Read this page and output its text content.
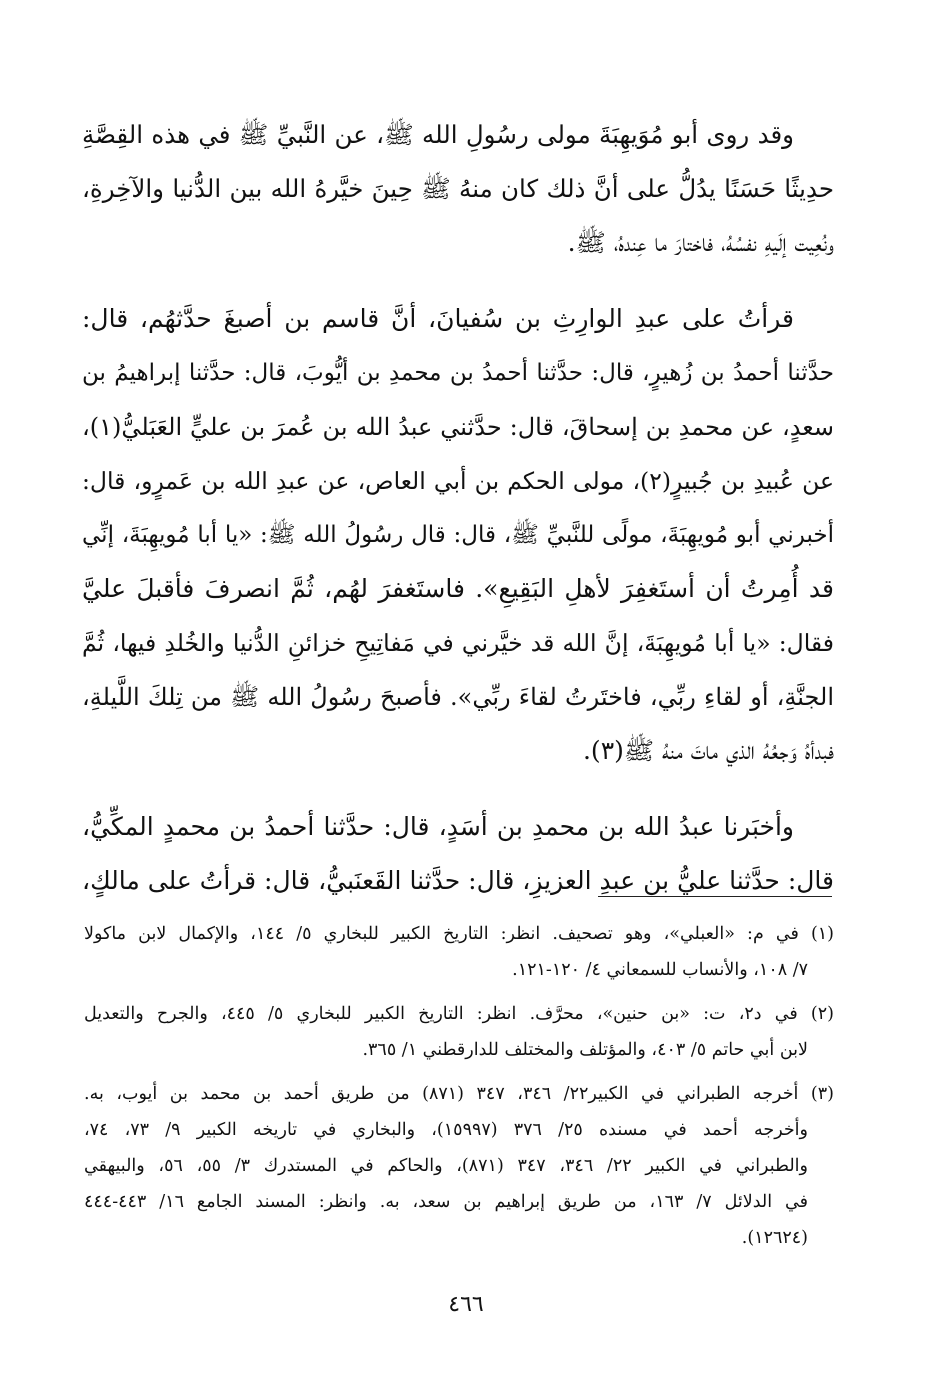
وقد روى أبو مُوَيهِبَةَ مولى رسُولِ الله ﷺ، عن النَّبيِّ ﷺ في هذه القِصَّةِ
حدِيثًا حَسَنًا يدُلُّ على أنَّ ذلك كان منهُ ﷺ حِينَ خيَّرهُ الله بين الدُّنيا والآخِرةِ،
ونُعِيت إلَيهِ نفسُهُ، فاختارَ ما عِندهُ، ﷺ.

قرأتُ على عبدِ الوارِثِ بن سُفيانَ، أنَّ قاسم بن أصبغَ حدَّثهُم، قال:
حدَّثنا أحمدُ بن زُهيرٍ، قال: حدَّثنا أحمدُ بن محمدِ بن أيُّوبَ، قال: حدَّثنا إبراهيمُ بن
سعدٍ، عن محمدِ بن إسحاقَ، قال: حدَّثني عبدُ الله بن عُمرَ بن عليٍّ العَبَليُّ(١)،
عن عُبيدِ بن جُبيرٍ(٢)، مولى الحكم بن أبي العاص، عن عبدِ الله بن عَمرٍو، قال:
أخبرني أبو مُويهِبَةَ، مولًى للنَّبيِّ ﷺ، قال: قال رسُولُ الله ﷺ: «يا أبا مُويهِبَةَ، إنِّي
قد أُمِرتُ أن أستَغفِرَ لأهلِ البَقِيعِ». فاستَغفرَ لهُم، ثُمَّ انصرفَ فأقبلَ عليَّ
فقال: «يا أبا مُويهِبَةَ، إنَّ الله قد خيَّرني في مَفاتِيحِ خزائنِ الدُّنيا والخُلدِ فيها، ثُمَّ
الجنَّةِ، أو لقاءِ ربِّي، فاختَرتُ لقاءَ ربِّي». فأصبحَ رسُولُ الله ﷺ من تِلكَ اللَّيلةِ،
فبدأهُ وَجعُهُ الذي ماتَ منهُ ﷺ(٣).

وأخبَرنا عبدُ الله بن محمدِ بن أسَدٍ، قال: حدَّثنا أحمدُ بن محمدٍ المكِّيُّ،
قال: حدَّثنا عليُّ بن عبدِ العزيزِ، قال: حدَّثنا القَعنَبيُّ، قال: قرأتُ على مالكٍ،

(١) في م: «العبلي»، وهو تصحيف. انظر: التاريخ الكبير للبخاري ٥/ ١٤٤، والإكمال لابن ماكولا
٧/ ١٠٨، والأنساب للسمعاني ٤/ ١٢٠-١٢١.

(٢) في د٢، ت: «بن حنين»، محرَّف. انظر: التاريخ الكبير للبخاري ٥/ ٤٤٥، والجرح والتعديل
لابن أبي حاتم ٥/ ٤٠٣، والمؤتلف والمختلف للدارقطني ١/ ٣٦٥.

(٣) أخرجه الطبراني في الكبير٢٢/ ٣٤٦، ٣٤٧ (٨٧١) من طريق أحمد بن محمد بن أيوب، به.
وأخرجه أحمد في مسنده ٢٥/ ٣٧٦ (١٥٩٩٧)، والبخاري في تاريخه الكبير ٩/ ٧٣، ٧٤،
والطبراني في الكبير ٢٢/ ٣٤٦، ٣٤٧ (٨٧١)، والحاكم في المستدرك ٣/ ٥٥، ٥٦، والبيهقي
في الدلائل ٧/ ١٦٣، من طريق إبراهيم بن سعد، به. وانظر: المسند الجامع ١٦/ ٤٤٣-٤٤٤
(١٢٦٢٤).

٤٦٦
